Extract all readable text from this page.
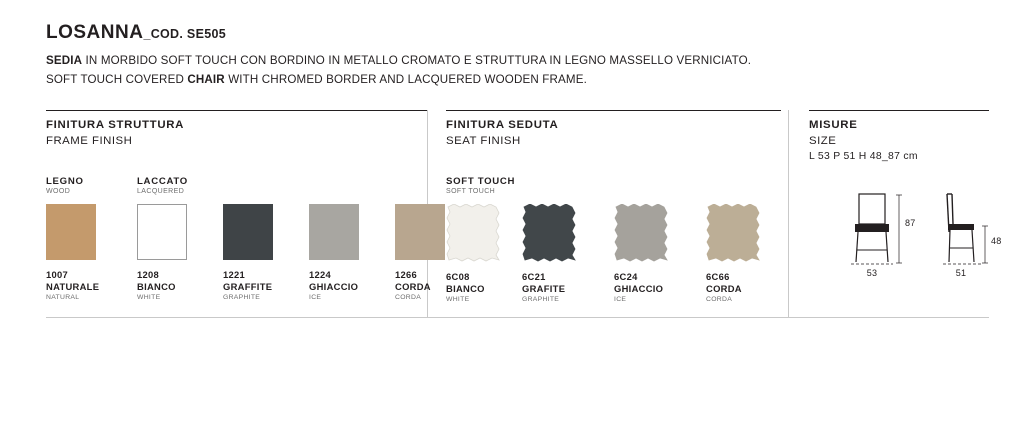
LOSANNA _COD. SE505
SEDIA IN MORBIDO SOFT TOUCH CON BORDINO IN METALLO CROMATO E STRUTTURA IN LEGNO MASSELLO VERNICIATO.
SOFT TOUCH COVERED CHAIR WITH CHROMED BORDER AND LACQUERED WOODEN FRAME.
FINITURA STRUTTURA
FRAME FINISH
LEGNO
WOOD
LACCATO
LACQUERED
1007
NATURALE
NATURAL
1208
BIANCO
WHITE
1221
GRAFFITE
GRAPHITE
1224
GHIACCIO
ICE
1266
CORDA
CORDA
FINITURA SEDUTA
SEAT FINISH
SOFT TOUCH
SOFT TOUCH
6C08
BIANCO
WHITE
6C21
GRAFITE
GRAPHITE
6C24
GHIACCIO
ICE
6C66
CORDA
CORDA
MISURE
SIZE
L 53 P 51 H 48_87 cm
87
53
48
51
